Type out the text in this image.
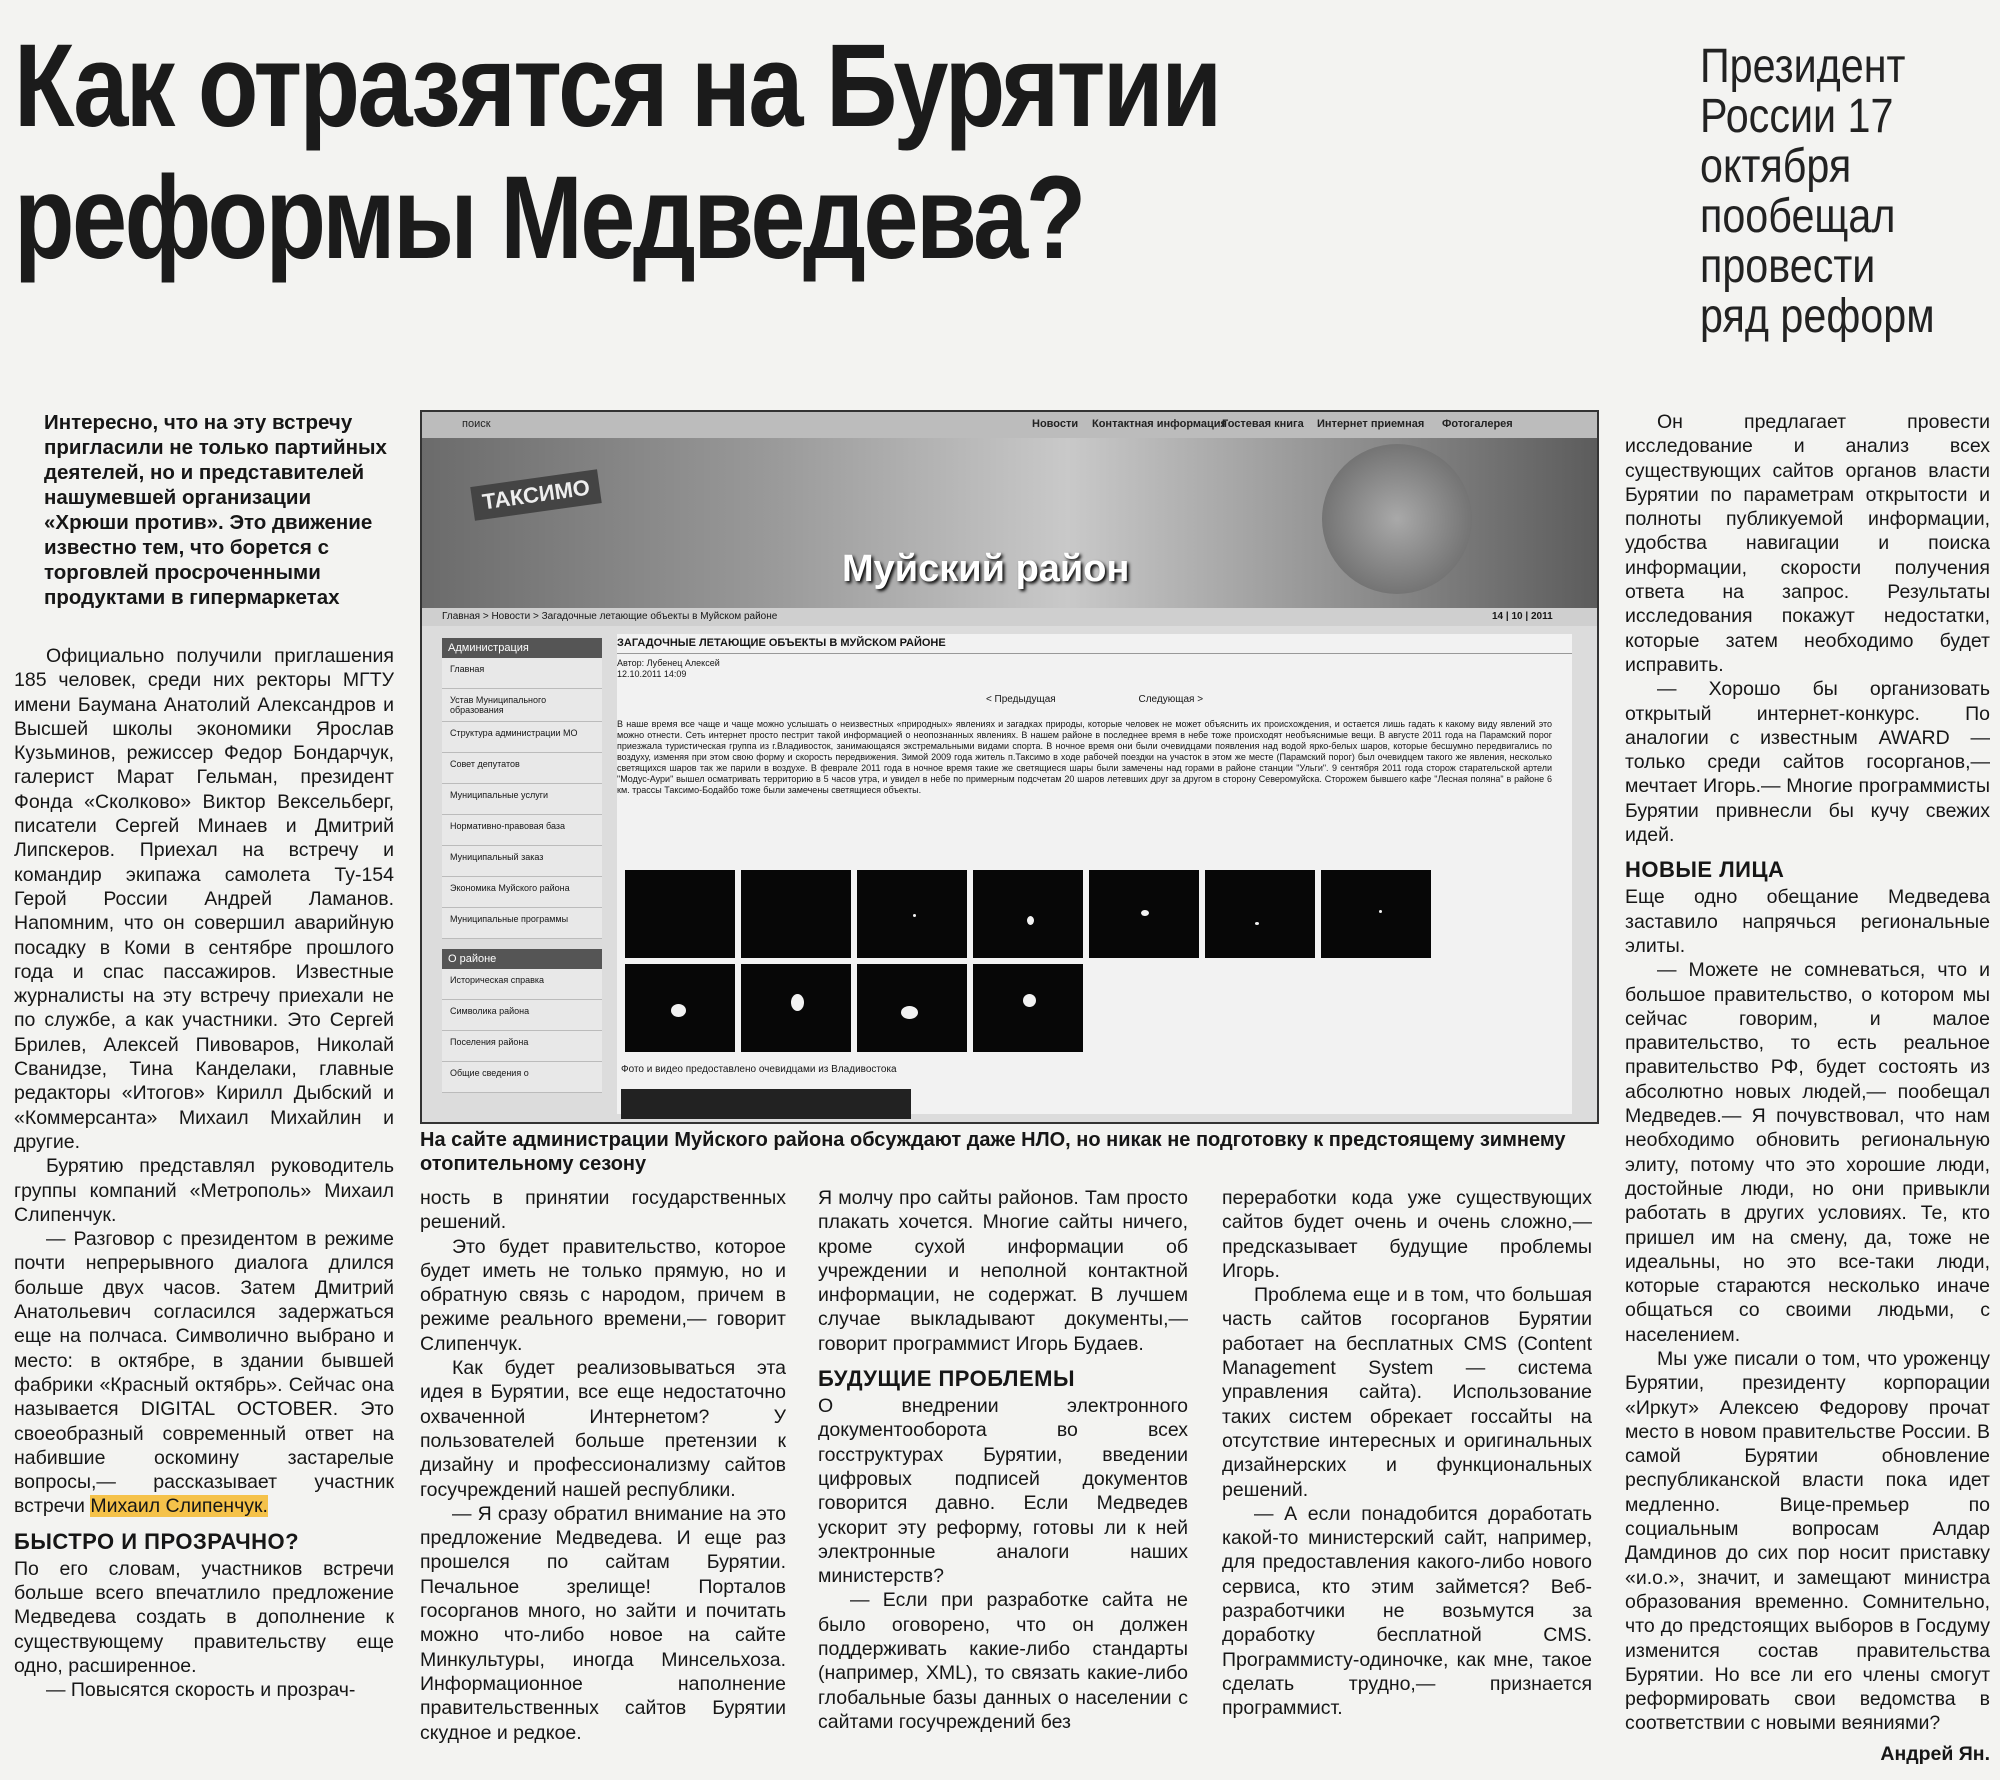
Как отразятся на Бурятии
реформы Медведева?
Президент России 17 октября пообещал провести ряд реформ

Интересно, что на эту встречу пригласили не только партийных деятелей, но и представителей нашумевшей организации «Хрюши против». Это движение известно тем, что борется с торговлей просроченными продуктами в гипермаркетах

Официально получили приглашения 185 человек, среди них ректоры МГТУ имени Баумана Анатолий Александров и Высшей школы экономики Ярослав Кузьминов, режиссер Федор Бондарчук, галерист Марат Гельман, президент Фонда «Сколково» Виктор Вексельберг, писатели Сергей Минаев и Дмитрий Липскеров. Приехал на встречу и командир экипажа самолета Ту-154 Герой России Андрей Ламанов. Напомним, что он совершил аварийную посадку в Коми в сентябре прошлого года и спас пассажиров. Известные журналисты на эту встречу приехали не по службе, а как участники. Это Сергей Брилев, Алексей Пивоваров, Николай Сванидзе, Тина Канделаки, главные редакторы «Итогов» Кирилл Дыбский и «Коммерсанта» Михаил Михайлин и другие.

Бурятию представлял руководитель группы компаний «Метрополь» Михаил Слипенчук.

— Разговор с президентом в режиме почти непрерывного диалога длился больше двух часов. Затем Дмитрий Анатольевич согласился задержаться еще на полчаса. Символично выбрано и место: в октябре, в здании бывшей фабрики «Красный октябрь». Сейчас она называется DIGITAL OCTOBER. Это своеобразный современный ответ на набившие оскомину застарелые вопросы,— рассказывает участник встречи Михаил Слипенчук.

БЫСТРО И ПРОЗРАЧНО?

По его словам, участников встречи больше всего впечатлило предложение Медведева создать в дополнение к существующему правительству еще одно, расширенное.

— Повысятся скорость и прозрач-

поиск	Новости Контактная информация
Гостевая книга Интернет приемная Фотогалерея
ТАКСИМО
Муйский район
Главная > Новости > Загадочные летающие объекты в Муйском районе	14 | 10 | 2011
Администрация
Главная
Устав Муниципального образования
Структура администрации МО
Совет депутатов
Муниципальные услуги
Нормативно-правовая база
Муниципальный заказ
Экономика Муйского района
Муниципальные программы
О районе
Историческая справка
Символика района
Поселения района
Общие сведения о
ЗАГАДОЧНЫЕ ЛЕТАЮЩИЕ ОБЪЕКТЫ В МУЙСКОМ РАЙОНЕ
Автор: Лубенец Алексей
12.10.2011 14:09
< Предыдущая	Следующая >
В наше время все чаще и чаще можно услышать о неизвестных «природных» явлениях и загадках природы, которые человек не может объяснить их происхождения, и остается лишь гадать к какому виду явлений это можно отнести. Сеть интернет просто пестрит такой информацией о неопознанных явлениях. В нашем районе в последнее время в небе тоже происходят необъяснимые вещи. В августе 2011 года на Парамский порог приезжала туристическая группа из г.Владивосток, занимающаяся экстремальными видами спорта. В ночное время они были очевидцами появления над водой ярко-белых шаров, которые бесшумно передвигались по воздуху, изменяя при этом свою форму и скорость передвижения. Зимой 2009 года житель п.Таксимо в ходе рабочей поездки на участок в этом же месте (Парамский порог) был очевидцем такого же явления, несколько светящихся шаров так же парили в воздухе. В феврале 2011 года в ночное время такие же светящиеся шары были замечены над горами в районе станции "Ульги". 9 сентября 2011 года сторож старательской артели "Модус-Аури" вышел осматривать территорию в 5 часов утра, и увидел в небе по примерным подсчетам 20 шаров летевших друг за другом в сторону Северомуйска. Сторожем бывшего кафе "Лесная поляна" в районе 6 км. трассы Таксимо-Бодайбо тоже были замечены светящиеся объекты.
Фото и видео предоставлено очевидцами из Владивостока
На сайте администрации Муйского района обсуждают даже НЛО, но никак не подготовку к предстоящему зимнему отопительному сезону

ность в принятии государственных решений.

Это будет правительство, которое будет иметь не только прямую, но и обратную связь с народом, причем в режиме реального времени,— говорит Слипенчук.

Как будет реализовываться эта идея в Бурятии, все еще недостаточно охваченной Интернетом? У пользователей больше претензии к дизайну и профессионализму сайтов госучреждений нашей республики.

— Я сразу обратил внимание на это предложение Медведева. И еще раз прошелся по сайтам Бурятии. Печальное зрелище! Порталов госорганов много, но зайти и почитать можно что-либо новое на сайте Минкультуры, иногда Минсельхоза. Информационное наполнение правительственных сайтов Бурятии скудное и редкое.

Я молчу про сайты районов. Там просто плакать хочется. Многие сайты ничего, кроме сухой информации об учреждении и неполной контактной информации, не содержат. В лучшем случае выкладывают документы,— говорит программист Игорь Будаев.

БУДУЩИЕ ПРОБЛЕМЫ

О внедрении электронного документооборота во всех госструктурах Бурятии, введении цифровых подписей документов говорится давно. Если Медведев ускорит эту реформу, готовы ли к ней электронные аналоги наших министерств?

— Если при разработке сайта не было оговорено, что он должен поддерживать какие-либо стандарты (например, XML), то связать какие-либо глобальные базы данных о населении с сайтами госучреждений без

переработки кода уже существующих сайтов будет очень и очень сложно,— предсказывает будущие проблемы Игорь.

Проблема еще и в том, что большая часть сайтов госорганов Бурятии работает на бесплатных CMS (Content Management System — система управления сайта). Использование таких систем обрекает госсайты на отсутствие интересных и оригинальных дизайнерских и функциональных решений.

— А если понадобится доработать какой-то министерский сайт, например, для предоставления какого-либо нового сервиса, кто этим займется? Веб-разработчики не возьмутся за доработку бесплатной CMS. Программисту-одиночке, как мне, такое сделать трудно,— признается программист.

Он предлагает провести исследование и анализ всех существующих сайтов органов власти Бурятии по параметрам открытости и полноты публикуемой информации, удобства навигации и поиска информации, скорости получения ответа на запрос. Результаты исследования покажут недостатки, которые затем необходимо будет исправить.

— Хорошо бы организовать открытый интернет-конкурс. По аналогии с известным AWARD — только среди сайтов госорганов,— мечтает Игорь.— Многие программисты Бурятии привнесли бы кучу свежих идей.

НОВЫЕ ЛИЦА

Еще одно обещание Медведева заставило напрячься региональные элиты.

— Можете не сомневаться, что и большое правительство, о котором мы сейчас говорим, и малое правительство, то есть реальное правительство РФ, будет состоять из абсолютно новых людей,— пообещал Медведев.— Я почувствовал, что нам необходимо обновить региональную элиту, потому что это хорошие люди, достойные люди, но они привыкли работать в других условиях. Те, кто пришел им на смену, да, тоже не идеальны, но это все-таки люди, которые стараются несколько иначе общаться со своими людьми, с населением.

Мы уже писали о том, что уроженцу Бурятии, президенту корпорации «Иркут» Алексею Федорову прочат место в новом правительстве России. В самой Бурятии обновление республиканской власти пока идет медленно. Вице-премьер по социальным вопросам Алдар Дамдинов до сих пор носит приставку «и.о.», значит, и замещают министра образования временно. Сомнительно, что до предстоящих выборов в Госдуму изменится состав правительства Бурятии. Но все ли его члены смогут реформировать свои ведомства в соответствии с новыми веяниями?

Андрей Ян.
